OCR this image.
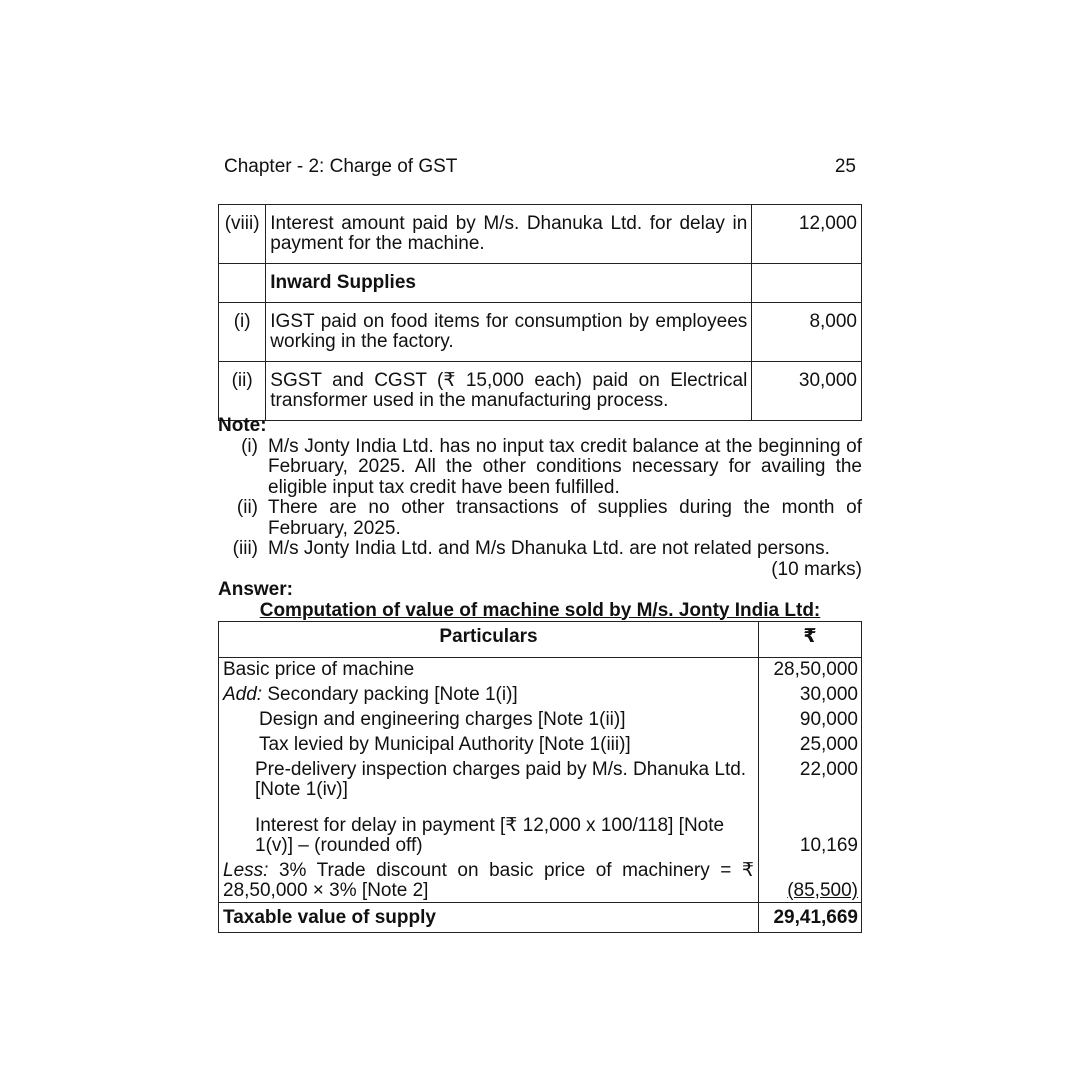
Chapter - 2: Charge of GST	25
(viii)	Interest amount paid by M/s. Dhanuka Ltd. for delay in payment for the machine.	12,000
	Inward Supplies	
(i)	IGST paid on food items for consumption by employees working in the factory.	8,000
(ii)	SGST and CGST (₹ 15,000 each) paid on Electrical transformer used in the manufacturing process.	30,000
Note:
(i) M/s Jonty India Ltd. has no input tax credit balance at the beginning of February, 2025. All the other conditions necessary for availing the eligible input tax credit have been fulfilled.
(ii) There are no other transactions of supplies during the month of February, 2025.
(iii) M/s Jonty India Ltd. and M/s Dhanuka Ltd. are not related persons.
(10 marks)
Answer:
Computation of value of machine sold by M/s. Jonty India Ltd:
Particulars	₹
Basic price of machine	28,50,000
Add: Secondary packing [Note 1(i)]	30,000
Design and engineering charges [Note 1(ii)]	90,000
Tax levied by Municipal Authority [Note 1(iii)]	25,000
Pre-delivery inspection charges paid by M/s. Dhanuka Ltd. [Note 1(iv)]	22,000
Interest for delay in payment [₹ 12,000 x 100/118] [Note 1(v)] – (rounded off)	10,169
Less: 3% Trade discount on basic price of machinery = ₹ 28,50,000 × 3% [Note 2]	(85,500)
Taxable value of supply	29,41,669
